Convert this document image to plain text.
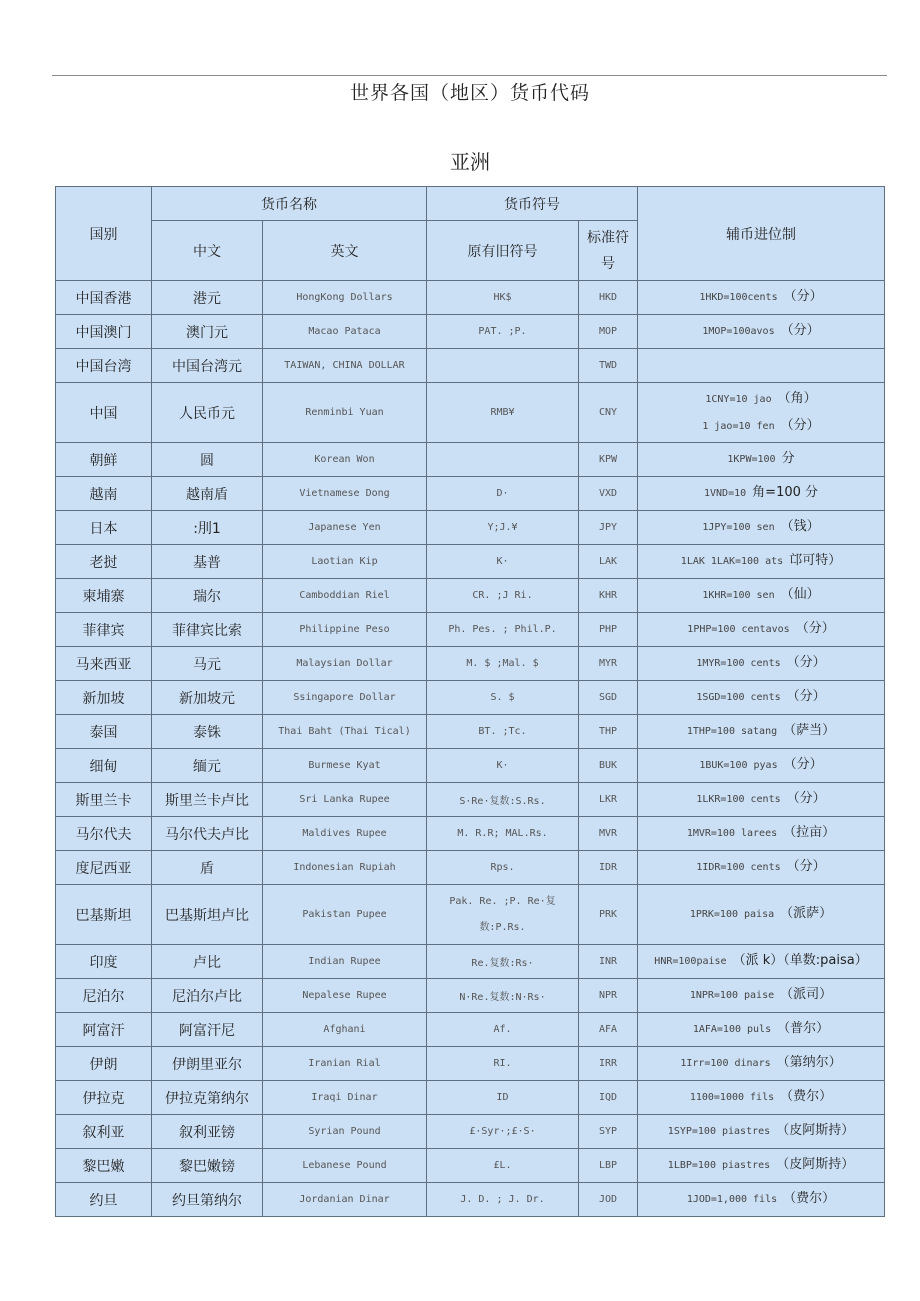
世界各国（地区）货币代码
亚洲
国别	货币名称		货币符号		辅币进位制
	中文	英文	原有旧符号	标准符号	
中国香港	港元	HongKong Dollars	HK$	HKD	1HKD=100cents （分）

中国澳门	澳门元	Macao Pataca	PAT. ;P.	MOP	1MOP=100avos （分）

中国台湾	中国台湾元	TAIWAN, CHINA DOLLAR		TWD	

中国	人民币元	Renminbi Yuan	RMB¥	CNY	1CNY=10 jao （角）
1 jao=10 fen （分）

朝鲜	圆	Korean Won		KPW	1KPW=100 分

越南	越南盾	Vietnamese Dong	D·	VXD	1VND=10 角=100 分

日本	:刖1	Japanese Yen	Y;J.¥	JPY	1JPY=100 sen （钱）

老挝	基普	Laotian Kip	K·	LAK	1LAK 1LAK=100 ats 邙可特）

柬埔寨	瑞尔	Camboddian Riel	CR. ;J Ri.	KHR	1KHR=100 sen （仙）

菲律宾	菲律宾比索	Philippine Peso	Ph. Pes. ; Phil.P.	PHP	1PHP=100 centavos （分）

马来西亚	马元	Malaysian Dollar	M. $ ;Mal. $	MYR	1MYR=100 cents （分）

新加坡	新加坡元	Ssingapore Dollar	S. $	SGD	1SGD=100 cents （分）

泰国	泰铢	Thai Baht (Thai Tical)	BT. ;Tc.	THP	1THP=100 satang （萨当）

细甸	缅元	Burmese Kyat	K·	BUK	1BUK=100 pyas （分）

斯里兰卡	斯里兰卡卢比	Sri Lanka Rupee	S·Re·复数:S.Rs.	LKR	1LKR=100 cents （分）

马尔代夫	马尔代夫卢比	Maldives Rupee	M. R.R; MAL.Rs.	MVR	1MVR=100 larees （拉亩）

度尼西亚	盾	Indonesian Rupiah	Rps.	IDR	1IDR=100 cents （分）

巴基斯坦	巴基斯坦卢比	Pakistan Pupee	Pak. Re. ;P. Re·复数:P.Rs.	PRK	1PRK=100 paisa （派萨）

印度	卢比	Indian Rupee	Re.复数:Rs·	INR	HNR=100paise （派 k）（单数:paisa）

尼泊尔	尼泊尔卢比	Nepalese Rupee	N·Re.复数:N·Rs·	NPR	1NPR=100 paise （派司）

阿富汗	阿富汗尼	Afghani	Af.	AFA	1AFA=100 puls （普尔）

伊朗	伊朗里亚尔	Iranian Rial	RI.	IRR	1Irr=100 dinars （第纳尔）

伊拉克	伊拉克第纳尔	Iraqi Dinar	ID	IQD	1100=1000 fils （费尔）

叙利亚	叙利亚镑	Syrian Pound	£·Syr·;£·S·	SYP	1SYP=100 piastres （皮阿斯持）

黎巴嫩	黎巴嫩镑	Lebanese Pound	£L.	LBP	1LBP=100 piastres （皮阿斯持）

约旦	约旦第纳尔	Jordanian Dinar	J. D. ; J. Dr.	JOD	1JOD=1,000 fils （费尔）
